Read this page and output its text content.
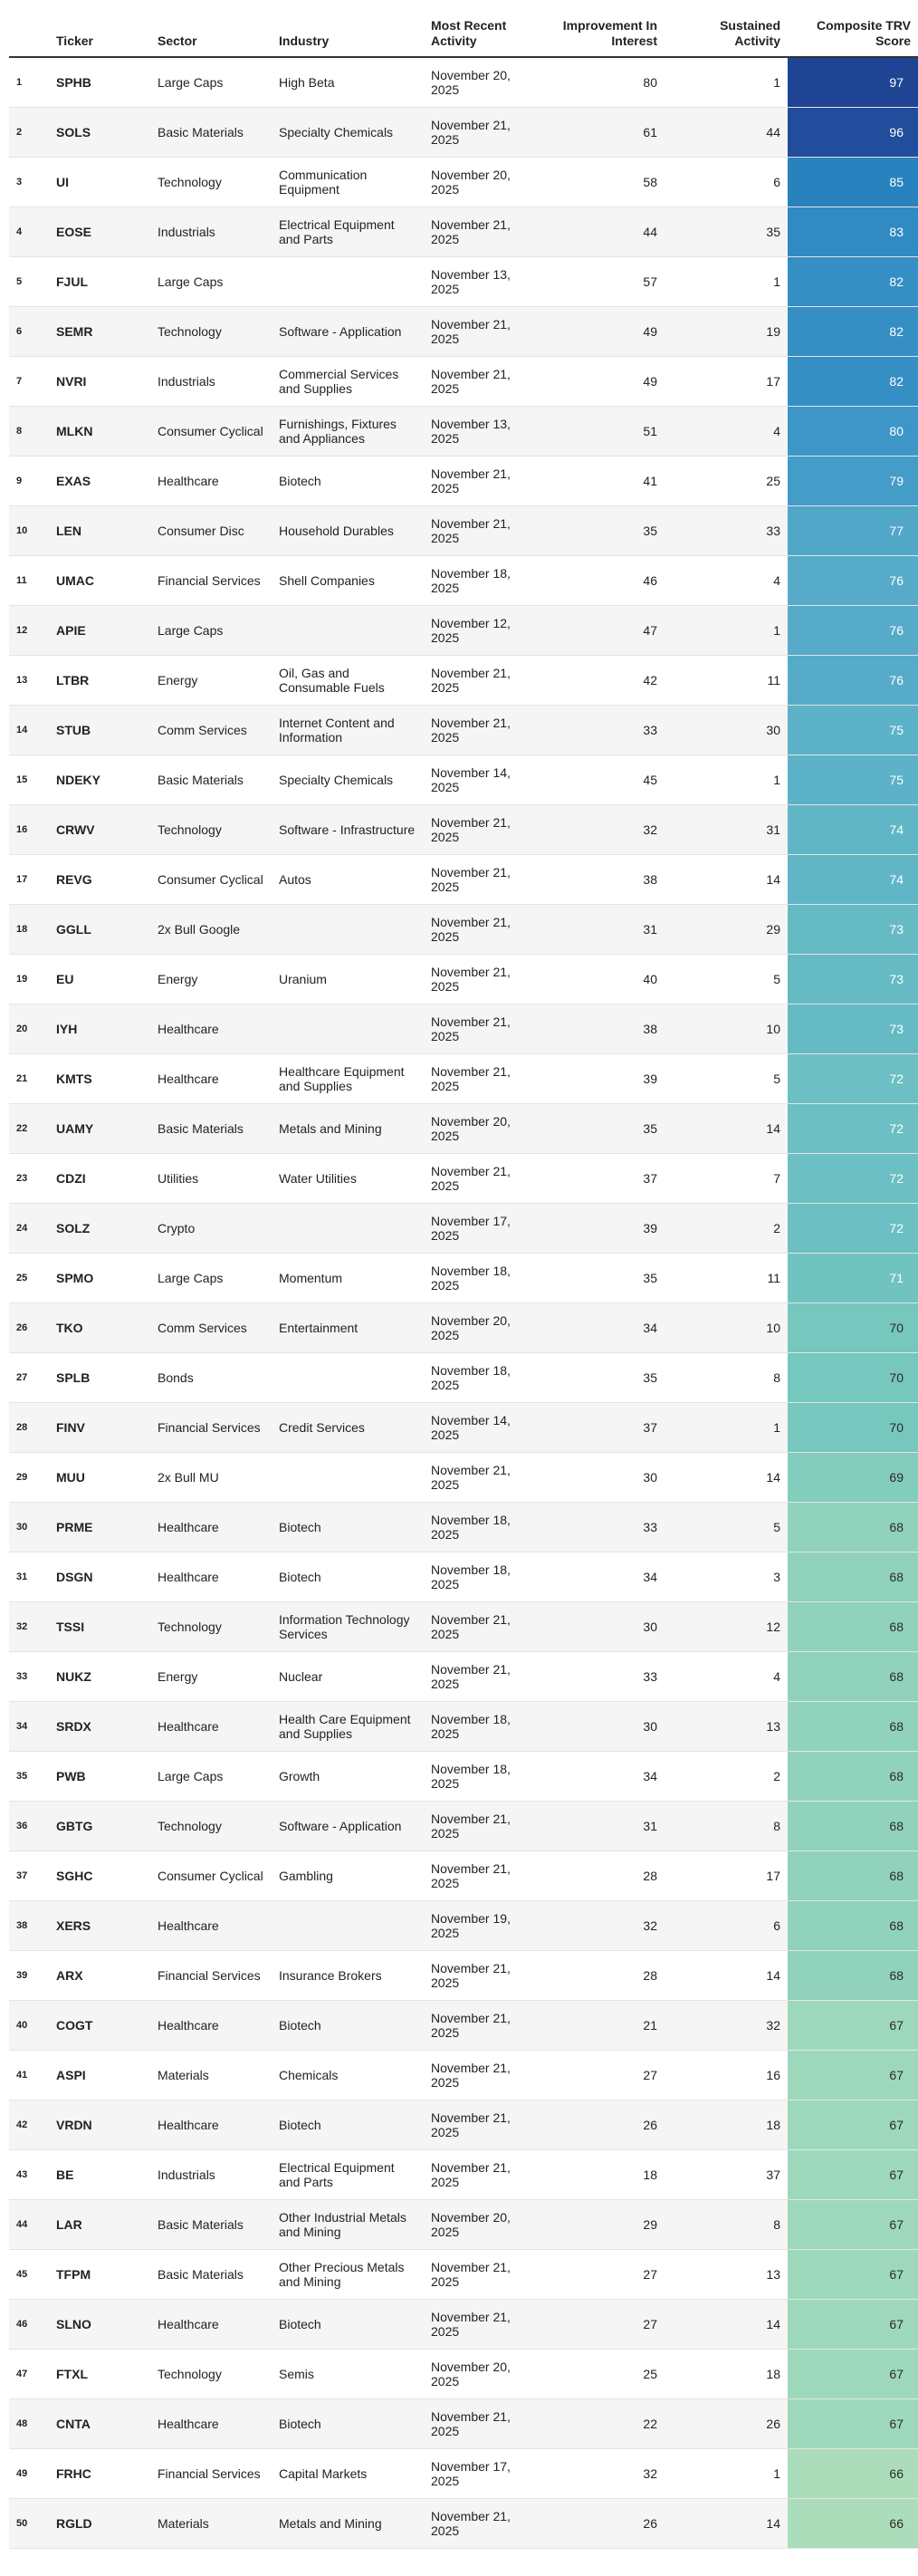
	Ticker	Sector	Industry	Most Recent Activity	Improvement In Interest	Sustained Activity	Composite TRV Score
1	SPHB	Large Caps	High Beta	November 20, 2025	80	1	97
2	SOLS	Basic Materials	Specialty Chemicals	November 21, 2025	61	44	96
3	UI	Technology	Communication Equipment	November 20, 2025	58	6	85
4	EOSE	Industrials	Electrical Equipment and Parts	November 21, 2025	44	35	83
5	FJUL	Large Caps		November 13, 2025	57	1	82
6	SEMR	Technology	Software - Application	November 21, 2025	49	19	82
7	NVRI	Industrials	Commercial Services and Supplies	November 21, 2025	49	17	82
8	MLKN	Consumer Cyclical	Furnishings, Fixtures and Appliances	November 13, 2025	51	4	80
9	EXAS	Healthcare	Biotech	November 21, 2025	41	25	79
10	LEN	Consumer Disc	Household Durables	November 21, 2025	35	33	77
11	UMAC	Financial Services	Shell Companies	November 18, 2025	46	4	76
12	APIE	Large Caps		November 12, 2025	47	1	76
13	LTBR	Energy	Oil, Gas and Consumable Fuels	November 21, 2025	42	11	76
14	STUB	Comm Services	Internet Content and Information	November 21, 2025	33	30	75
15	NDEKY	Basic Materials	Specialty Chemicals	November 14, 2025	45	1	75
16	CRWV	Technology	Software - Infrastructure	November 21, 2025	32	31	74
17	REVG	Consumer Cyclical	Autos	November 21, 2025	38	14	74
18	GGLL	2x Bull Google		November 21, 2025	31	29	73
19	EU	Energy	Uranium	November 21, 2025	40	5	73
20	IYH	Healthcare		November 21, 2025	38	10	73
21	KMTS	Healthcare	Healthcare Equipment and Supplies	November 21, 2025	39	5	72
22	UAMY	Basic Materials	Metals and Mining	November 20, 2025	35	14	72
23	CDZI	Utilities	Water Utilities	November 21, 2025	37	7	72
24	SOLZ	Crypto		November 17, 2025	39	2	72
25	SPMO	Large Caps	Momentum	November 18, 2025	35	11	71
26	TKO	Comm Services	Entertainment	November 20, 2025	34	10	70
27	SPLB	Bonds		November 18, 2025	35	8	70
28	FINV	Financial Services	Credit Services	November 14, 2025	37	1	70
29	MUU	2x Bull MU		November 21, 2025	30	14	69
30	PRME	Healthcare	Biotech	November 18, 2025	33	5	68
31	DSGN	Healthcare	Biotech	November 18, 2025	34	3	68
32	TSSI	Technology	Information Technology Services	November 21, 2025	30	12	68
33	NUKZ	Energy	Nuclear	November 21, 2025	33	4	68
34	SRDX	Healthcare	Health Care Equipment and Supplies	November 18, 2025	30	13	68
35	PWB	Large Caps	Growth	November 18, 2025	34	2	68
36	GBTG	Technology	Software - Application	November 21, 2025	31	8	68
37	SGHC	Consumer Cyclical	Gambling	November 21, 2025	28	17	68
38	XERS	Healthcare		November 19, 2025	32	6	68
39	ARX	Financial Services	Insurance Brokers	November 21, 2025	28	14	68
40	COGT	Healthcare	Biotech	November 21, 2025	21	32	67
41	ASPI	Materials	Chemicals	November 21, 2025	27	16	67
42	VRDN	Healthcare	Biotech	November 21, 2025	26	18	67
43	BE	Industrials	Electrical Equipment and Parts	November 21, 2025	18	37	67
44	LAR	Basic Materials	Other Industrial Metals and Mining	November 20, 2025	29	8	67
45	TFPM	Basic Materials	Other Precious Metals and Mining	November 21, 2025	27	13	67
46	SLNO	Healthcare	Biotech	November 21, 2025	27	14	67
47	FTXL	Technology	Semis	November 20, 2025	25	18	67
48	CNTA	Healthcare	Biotech	November 21, 2025	22	26	67
49	FRHC	Financial Services	Capital Markets	November 17, 2025	32	1	66
50	RGLD	Materials	Metals and Mining	November 21, 2025	26	14	66
